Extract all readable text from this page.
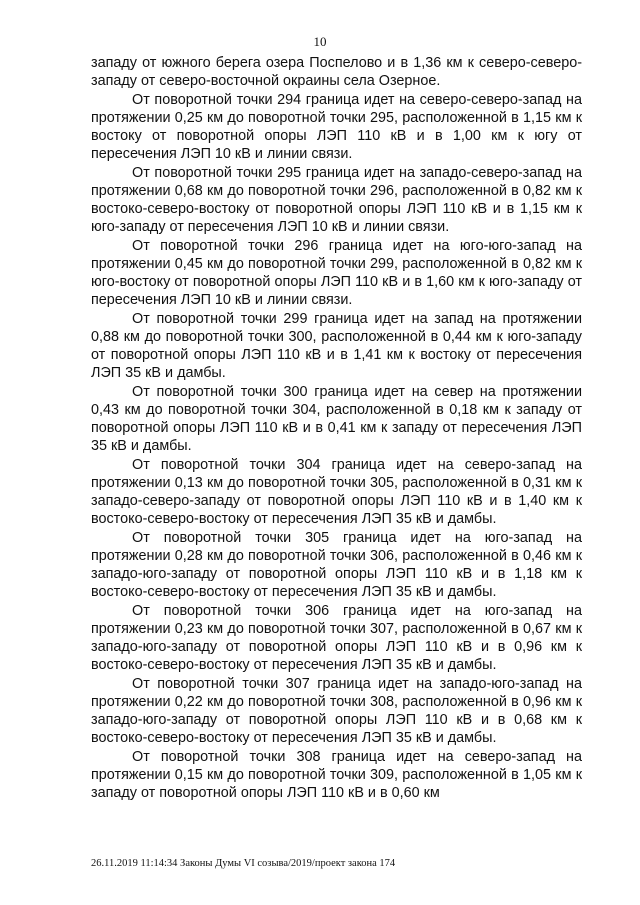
10

западу от южного берега озера Поспелово и в 1,36 км к северо-северо-западу от северо-восточной окраины села Озерное.

От поворотной точки 294 граница идет на северо-северо-запад на протяжении 0,25 км до поворотной точки 295, расположенной в 1,15 км к востоку от поворотной опоры ЛЭП 110 кВ и в 1,00 км к югу от пересечения ЛЭП 10 кВ и линии связи.

От поворотной точки 295 граница идет на западо-северо-запад на протяжении 0,68 км до поворотной точки 296, расположенной в 0,82 км к востоко-северо-востоку от поворотной опоры ЛЭП 110 кВ и в 1,15 км к юго-западу от пересечения ЛЭП 10 кВ и линии связи.

От поворотной точки 296 граница идет на юго-юго-запад на протяжении 0,45 км до поворотной точки 299, расположенной в 0,82 км к юго-востоку от поворотной опоры ЛЭП 110 кВ и в 1,60 км к юго-западу от пересечения ЛЭП 10 кВ и линии связи.

От поворотной точки 299 граница идет на запад на протяжении 0,88 км до поворотной точки 300, расположенной в 0,44 км к юго-западу от поворотной опоры ЛЭП 110 кВ и в 1,41 км к востоку от пересечения ЛЭП 35 кВ и дамбы.

От поворотной точки 300 граница идет на север на протяжении 0,43 км до поворотной точки 304, расположенной в 0,18 км к западу от поворотной опоры ЛЭП 110 кВ и в 0,41 км к западу от пересечения ЛЭП 35 кВ и дамбы.

От поворотной точки 304 граница идет на северо-запад на протяжении 0,13 км до поворотной точки 305, расположенной в 0,31 км к западо-северо-западу от поворотной опоры ЛЭП 110 кВ и в 1,40 км к востоко-северо-востоку от пересечения ЛЭП 35 кВ и дамбы.

От поворотной точки 305 граница идет на юго-запад на протяжении 0,28 км до поворотной точки 306, расположенной в 0,46 км к западо-юго-западу от поворотной опоры ЛЭП 110 кВ и в 1,18 км к востоко-северо-востоку от пересечения ЛЭП 35 кВ и дамбы.

От поворотной точки 306 граница идет на юго-запад на протяжении 0,23 км до поворотной точки 307, расположенной в 0,67 км к западо-юго-западу от поворотной опоры ЛЭП 110 кВ и в 0,96 км к востоко-северо-востоку от пересечения ЛЭП 35 кВ и дамбы.

От поворотной точки 307 граница идет на западо-юго-запад на протяжении 0,22 км до поворотной точки 308, расположенной в 0,96 км к западо-юго-западу от поворотной опоры ЛЭП 110 кВ и в 0,68 км к востоко-северо-востоку от пересечения ЛЭП 35 кВ и дамбы.

От поворотной точки 308 граница идет на северо-запад на протяжении 0,15 км до поворотной точки 309, расположенной в 1,05 км к западу от поворотной опоры ЛЭП 110 кВ и в 0,60 км

26.11.2019 11:14:34 Законы Думы VI созыва/2019/проект закона 174
